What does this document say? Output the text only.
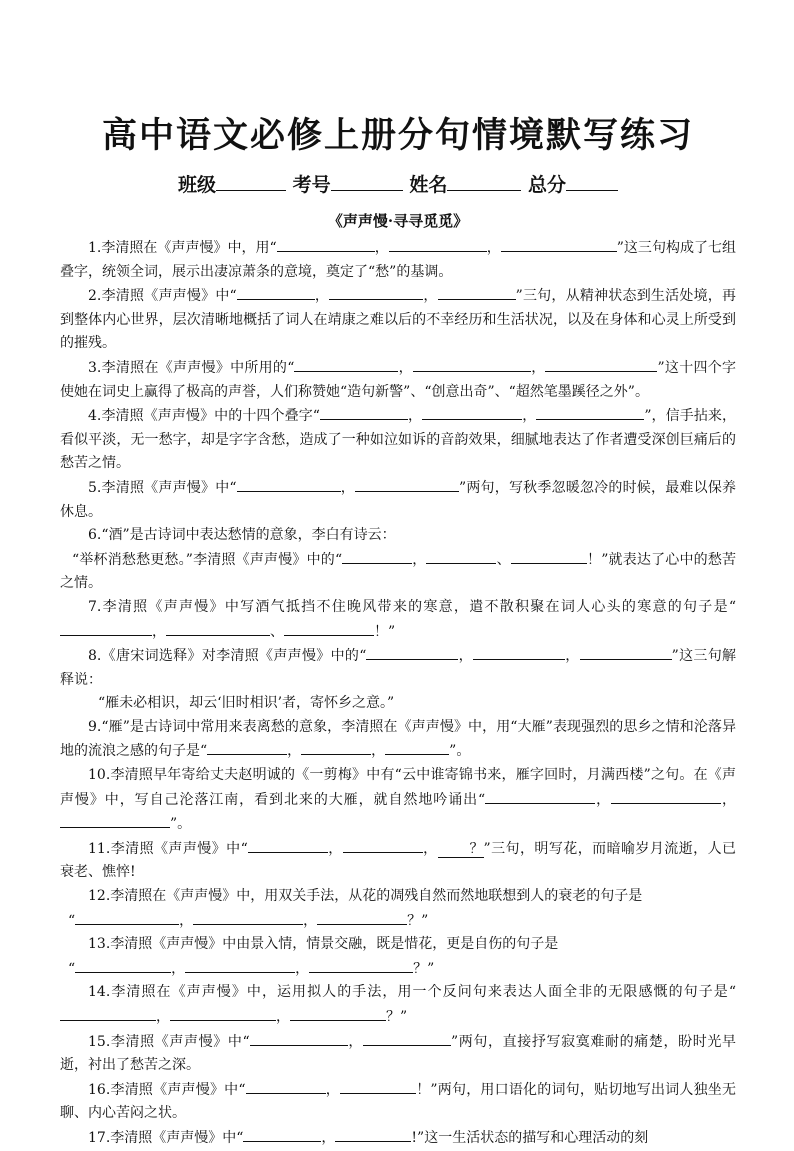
高中语文必修上册分句情境默写练习
班级	考号	姓名	总分
《声声慢·寻寻觅觅》

1.李清照在《声声慢》中，用“	，	，	”这三句构成了七组叠字，统领全词，展示出凄凉萧条的意境，奠定了“愁”的基调。

2.李清照《声声慢》中“	，	，	”三句，从精神状态到生活处境，再到整体内心世界，层次清晰地概括了词人在靖康之难以后的不幸经历和生活状况，以及在身体和心灵上所受到的摧残。

3.李清照在《声声慢》中所用的“	，	，	”这十四个字使她在词史上赢得了极高的声誉，人们称赞她“造句新警”、“创意出奇”、“超然笔墨蹊径之外”。

4.李清照《声声慢》中的十四个叠字“	，	，	”，信手拈来，看似平淡，无一愁字，却是字字含愁，造成了一种如泣如诉的音韵效果，细腻地表达了作者遭受深创巨痛后的愁苦之情。

5.李清照《声声慢》中“	，	”两句，写秋季忽暖忽冷的时候，最难以保养休息。

6.“酒”是古诗词中表达愁情的意象，李白有诗云：

“举杯消愁愁更愁。”李清照《声声慢》中的“	，	、	！”就表达了心中的愁苦之情。

7.李清照《声声慢》中写酒气抵挡不住晚风带来的寒意，遣不散积聚在词人心头的寒意的句子是“，	、	！”

8.《唐宋词选释》对李清照《声声慢》中的“	，	，	”这三句解释说：

“雁未必相识，却云‘旧时相识’者，寄怀乡之意。”

9.“雁”是古诗词中常用来表离愁的意象，李清照在《声声慢》中，用“大雁”表现强烈的思乡之情和沦落异地的流浪之感的句子是“	，	，	”。

10.李清照早年寄给丈夫赵明诚的《一剪梅》中有“云中谁寄锦书来，雁字回时，月满西楼”之句。在《声声慢》中，写自己沦落江南，看到北来的大雁，就自然地吟诵出“	，	，”。

11.李清照《声声慢》中“	，	， ？”三句，明写花，而暗喻岁月流逝，人已衰老、憔悴!

12.李清照在《声声慢》中，用双关手法，从花的凋残自然而然地联想到人的衰老的句子是

“	，	，	？”

13.李清照《声声慢》中由景入情，情景交融，既是惜花，更是自伤的句子是

“	，	，	？”

14.李清照在《声声慢》中，运用拟人的手法，用一个反问句来表达人面全非的无限感慨的句子是“，	，	？”

15.李清照《声声慢》中“	，	”两句，直接抒写寂寞难耐的痛楚，盼时光早逝，衬出了愁苦之深。

16.李清照《声声慢》中“	，	！”两句，用口语化的词句，贴切地写出词人独坐无聊、内心苦闷之状。

17.李清照《声声慢》中“	，	!”这一生活状态的描写和心理活动的刻
